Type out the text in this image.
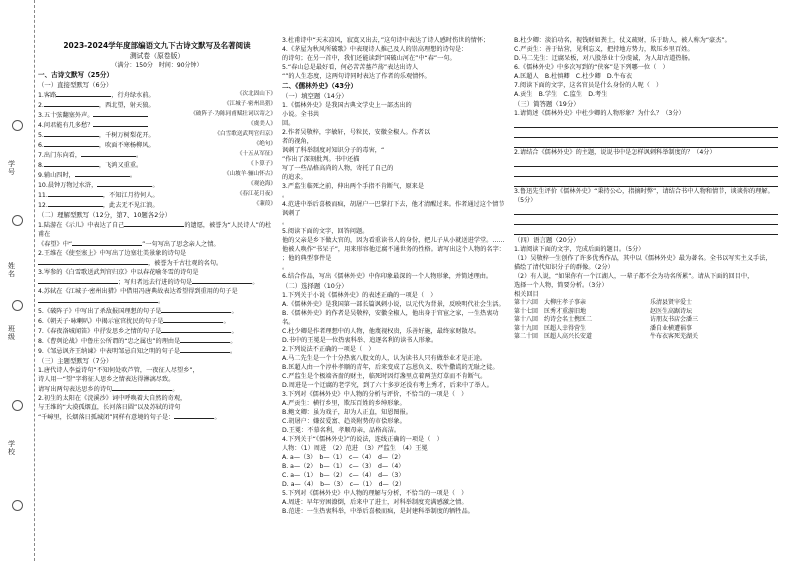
学号
姓名
班级
学校
2023-2024学年度部编语文九下古诗文默写及名著阅读
测试卷（原卷版）
（满分：150分　时间：90分钟）
一、古诗文默写（25分）
（一）直接型默写（6分）
1.客路	，行舟绿水前。	《次北固山下》
2.	，西北望，射天狼。	《江城子·密州出猎》
3.五十弦翻塞外声。	《破阵子·为陈同甫赋壮词以寄之》
4.问君能有几多愁？	《虞美人》
5.	，千树万树梨花开。	《白雪歌送武判官归京》
6.	，吹面不寒杨柳风。	《绝句》
7.出门东向看，	。	《十五从军征》
8.	，飞鸿又重重。	《卜算子》
9.辅山四时，	。	《山坡羊·骊山怀古》
10.晨钟万物过水浒，	。	《观沧海》
11.	，不知江月待何人。	《春江花月夜》
12.	，此去无不见江浪。	《蒹葭》
（二）理解型默写（12分，第7、10题各2分）
1.陆游在《示儿》中表达了自己	的遗愿，被誉为“人民诗人”的杜甫在
《春望》中“	”一句写出了思念亲人之情。
2.王维在《使至塞上》中写出了边塞壮美景象的诗句是
，被誉为千古壮观的名句。
3.岑参的《白雪歌送武判官归京》中以春花喻冬雪的诗句是
；写归者远去行进的诗句是	。
4.苏轼在《江城子·密州出猎》中借用冯唐典故表达希望得到重用的句子是
。
5.《破阵子》中写出了杀敌报国理想的句子是	。
6.《朝天子·咏喇叭》中揭示宦官扰民的句子是	。
7.《春夜洛城闻笛》中抒发思乡之情的句子是	。
8.《曹刿论战》中鲁庄公所谓的“忠之属也”的理由是	。
9.《邹忌讽齐王纳谏》中表明邹忌自知之明的句子是	。
（三）主题型默写（7分）
1.唐代诗人李益诗句“不知何处吹芦管，一夜征人尽望乡”，
诗人用一“望”字将征人思乡之情表达得淋漓尽致。
请写出两句表达思乡的诗句	。
2.初生的太阳在《浣溪沙》词中呼唤着大自然的奇观，
与王维的“大漠孤烟直，长河落日圆”以及苏轼的诗句
“千嶂里，长烟落日孤城闭”同样有意境的句子是：	。
3.杜甫诗中“天末凉风，寂寞又出去，”这句诗中表达了诗人感时伤世的情怀；
4.《茅屋为秋风所破歌》中表现诗人推己及人的崇高理想的诗句是：
的诗句；在另一首中，我们还能读到“国破山河在”中“春”一句。
5.“春山总是最好看，何必苦苦墓芦荡”表达出诗人
“”的人生态度，这两句诗同时表达了作者的乐观情怀。
二、《儒林外史》（43分）
（一）填空题（14分）
1.《儒林外史》是我国古典文学史上一部杰出的
小说。全书共
回。
2.作者吴敬梓，字敏轩，号粒民，安徽全椒人。作者以
者的视角，
讽刺了科举制度对知识分子的毒害，“
”作出了深刻批判。书中还描
写了一些品格高尚的人物，寄托了自己的
的追求。
3.严监生临死之前，伸出两个手指不肯断气，原来是
。
4.范进中举后喜极而疯，胡屠户一巴掌打下去，他才清醒过来。作者通过这个情节
讽刺了
。
5.阅读下面的文字，回答问题。
他的父亲是乡下做大官的，因为看重读书人的身份，把儿子从小就送进学堂。……
他被人唤作“书呆子”，用来形容他迂腐不通世务的性格。请写出这个人物的名字：
；他的典型事件是
。
6.结合作品，写出《儒林外史》中你印象最深的一个人物形象，并简述理由。
（二）选择题（10分）
1.下列关于小说《儒林外史》的表述正确的一项是（　）
A.《儒林外史》是我国第一部长篇讽刺小说，以元代为背景，反映明代社会生活。
B.《儒林外史》的作者是吴敬梓，安徽全椒人，他出身于官宦之家，一生热衷功名。
C.杜少卿是作者理想中的人物，他蔑视权贵，乐善好施，最终家财散尽。
D.书中的王冕是一位热衷科举、追逐名利的读书人形象。
2.下列说法不正确的一项是（　）
A.马二先生是一个十分热衷八股文的人，认为读书人只有做举业才是正途。
B.匡超人由一个淳朴孝顺的青年，后来变成了忘恩负义、吹牛撒谎的无耻之徒。
C.严监生是个极端吝啬的财主，临死时因灯盏里点着两茎灯草而不肯断气。
D.周进是一个迂腐的老学究，到了六十多岁还没有考上秀才，后来中了举人。
3.下列对《儒林外史》中人物的分析与评价，不恰当的一项是（　）
A.严贡生：横行乡里，欺压百姓的乡绅形象。
B.鲍文卿：虽为戏子，却为人正直，知恩图报。
C.胡屠户：嫌贫爱富、趋炎附势的市侩形象。
D.王冕：不慕名利，孝顺母亲，品格高洁。
4.下列关于“《儒林外史》”的说法，连线正确的一项是（　）
人物：（1）周进　（2）范进　（3）严监生　（4）王冕
A. a—（3）　b—（1）　c—（4）　d—（2）
B. a—（2）　b—（1）　c—（3）　d—（4）
C. a—（1）　b—（2）　c—（4）　d—（3）
D. a—（4）　b—（3）　c—（1）　d—（2）
5.下列对《儒林外史》中人物的理解与分析，不恰当的一项是（　）
A.周进：早年穷困潦倒，后来中了进士，对科举制度充满感激之情。
B.范进：一生热衷科举，中举后喜极而疯，是封建科举制度的牺牲品。
B.杜少卿：淡泊功名，视钱财如粪土，仗义疏财，乐于助人，被人称为“豪杰”。
C.严贡生：善于钻营，见利忘义，把持地方势力，欺压乡里百姓。
D.马二先生：迂腐呆板，对八股举业十分虔诚，为人却古道热肠。
6.《儒林外史》中多次写到的“侠客”是下列哪一位（　）
A.匡超人　B.杜慎卿　C.杜少卿　D.牛布衣
7.阅读下面的文字，这名官员是什么身份的人呢（　）
A.贡生　B.学生　C.监生　D.考生
（三）简答题（19分）
1.请简述《儒林外史》中杜少卿的人物形象？为什么？（3分）
2.请结合《儒林外史》的主题，说说书中是怎样讽刺科举制度的？（4分）
3.鲁迅先生评价《儒林外史》“秉持公心，指摘时弊”，请结合书中人物和情节，谈谈你的理解。
（5分）
（四）语言题（20分）
1.请阅读下面的文字，完成后面的题目。（5分）
（1）吴敬梓一生创作了许多优秀作品，其中以《儒林外史》最为著名。全书以写实主义手法，
描绘了清代知识分子的群像。（2分）
（2）有人说，“如果你有一个江湖人，一辈子都不会为功名所累”。请从下面的回目中，
选择一个人物，简要分析。（3分）
相关回目
第十六回　大柳庄孝子事亲	乐清县贤宰爱士
第十七回　匡秀才重游旧地	赵医生高踞诗坛
第十八回　约诗会名士携匡二	访朋友书店会潘三
第十九回　匡超人幸得营生	潘自业横遭祸事
第二十回　匡超人高兴长安道	牛布衣客死芜湖关
